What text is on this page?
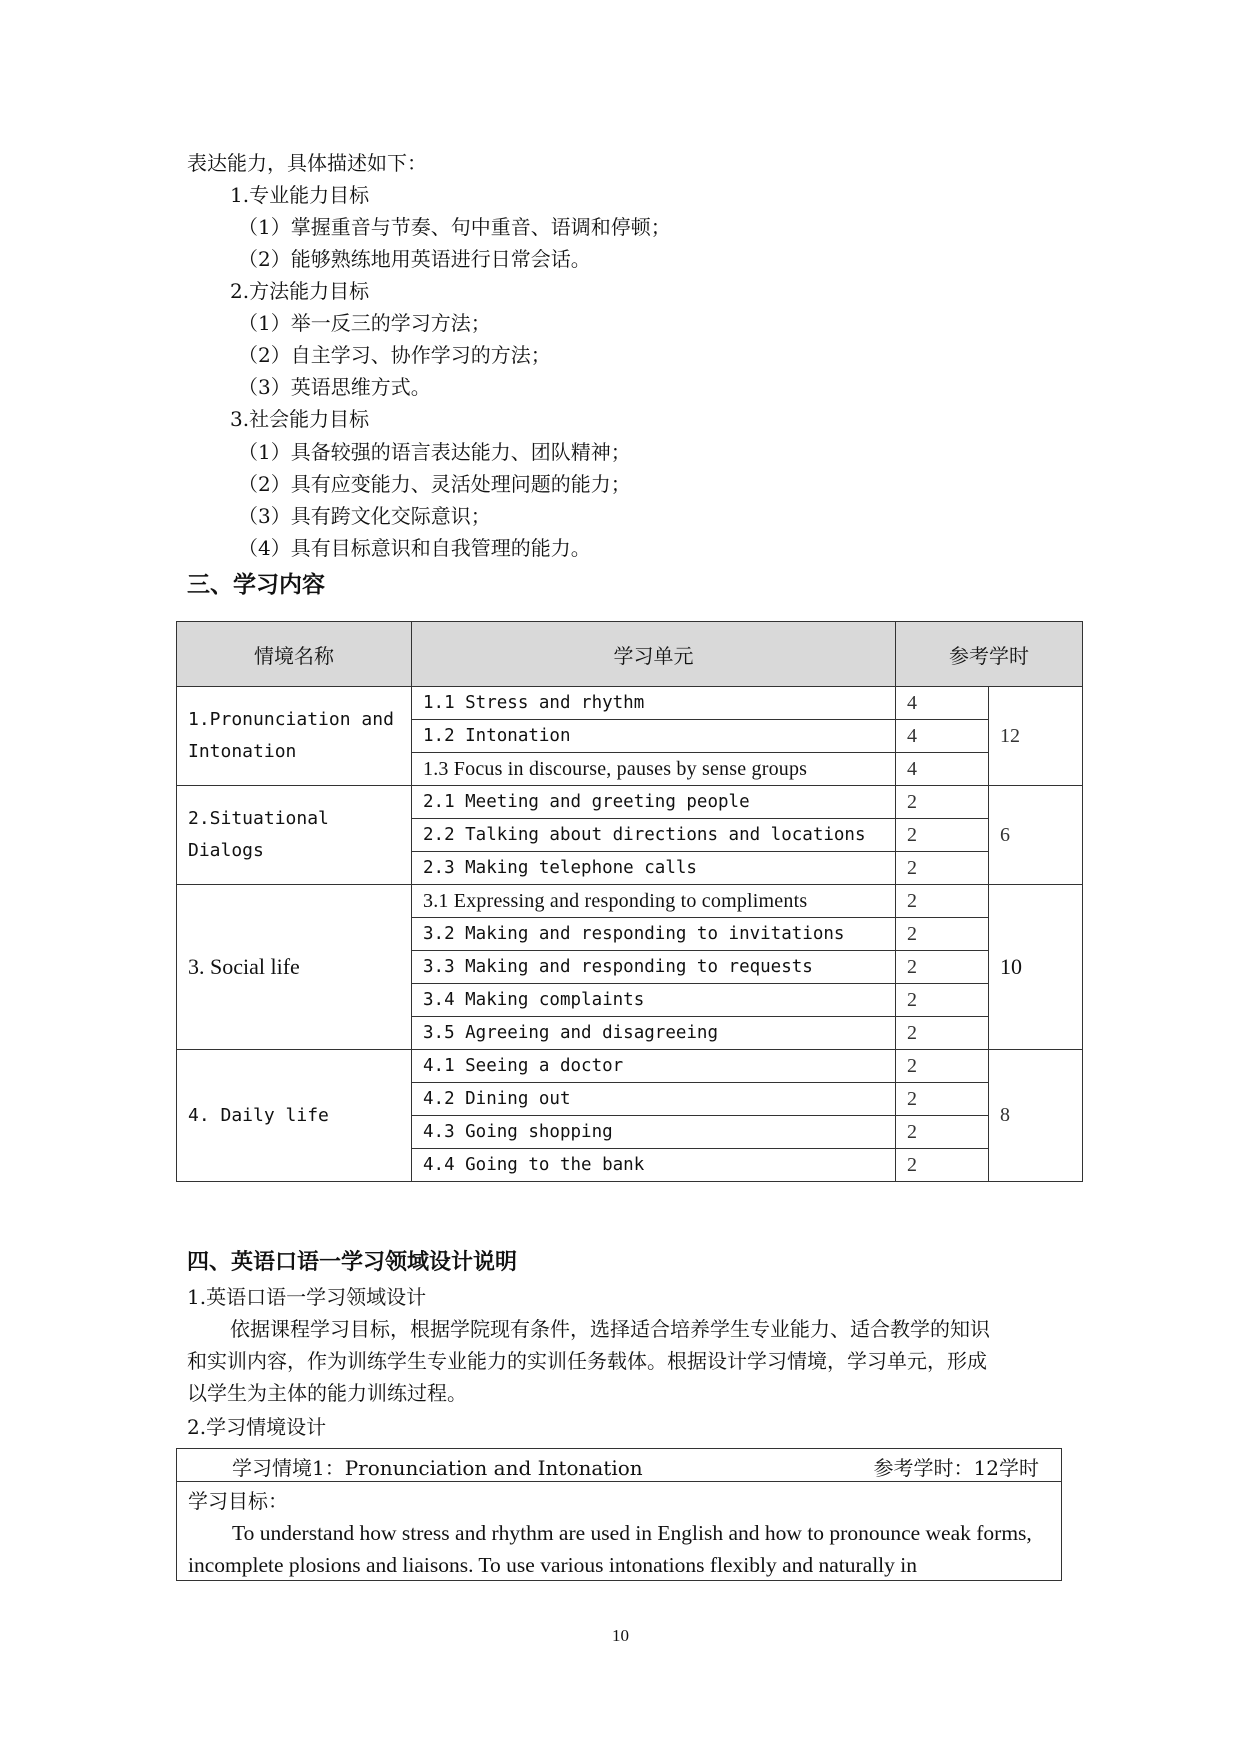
表达能力，具体描述如下：
1.专业能力目标
（1）掌握重音与节奏、句中重音、语调和停顿；
（2）能够熟练地用英语进行日常会话。
2.方法能力目标
（1）举一反三的学习方法；
（2）自主学习、协作学习的方法；
（3）英语思维方式。
3.社会能力目标
（1）具备较强的语言表达能力、团队精神；
（2）具有应变能力、灵活处理问题的能力；
（3）具有跨文化交际意识；
（4）具有目标意识和自我管理的能力。
三、学习内容
情境名称	学习单元	参考学时	
1.Pronunciation and Intonation	1.1 Stress and rhythm	4	12
	1.2 Intonation	4	
	1.3 Focus in discourse, pauses by sense groups	4	
2.Situational Dialogs	2.1 Meeting and greeting people	2	6
	2.2 Talking about directions and locations	2	
	2.3 Making telephone calls	2	
3. Social life	3.1 Expressing and responding to compliments	2	10
	3.2 Making and responding to invitations	2	
	3.3 Making and responding to requests	2	
	3.4 Making complaints	2	
	3.5 Agreeing and disagreeing	2	
4. Daily life	4.1 Seeing a doctor	2	8
	4.2 Dining out	2	
	4.3 Going shopping	2	
	4.4 Going to the bank	2	
四、英语口语一学习领域设计说明
1.英语口语一学习领域设计
依据课程学习目标，根据学院现有条件，选择适合培养学生专业能力、适合教学的知识
和实训内容，作为训练学生专业能力的实训任务载体。根据设计学习情境，学习单元，形成
以学生为主体的能力训练过程。
2.学习情境设计
学习情境1：Pronunciation and Intonation	参考学时：12学时
学习目标：
To understand how stress and rhythm are used in English and how to pronounce weak forms, incomplete plosions and liaisons. To use various intonations flexibly and naturally in
10
